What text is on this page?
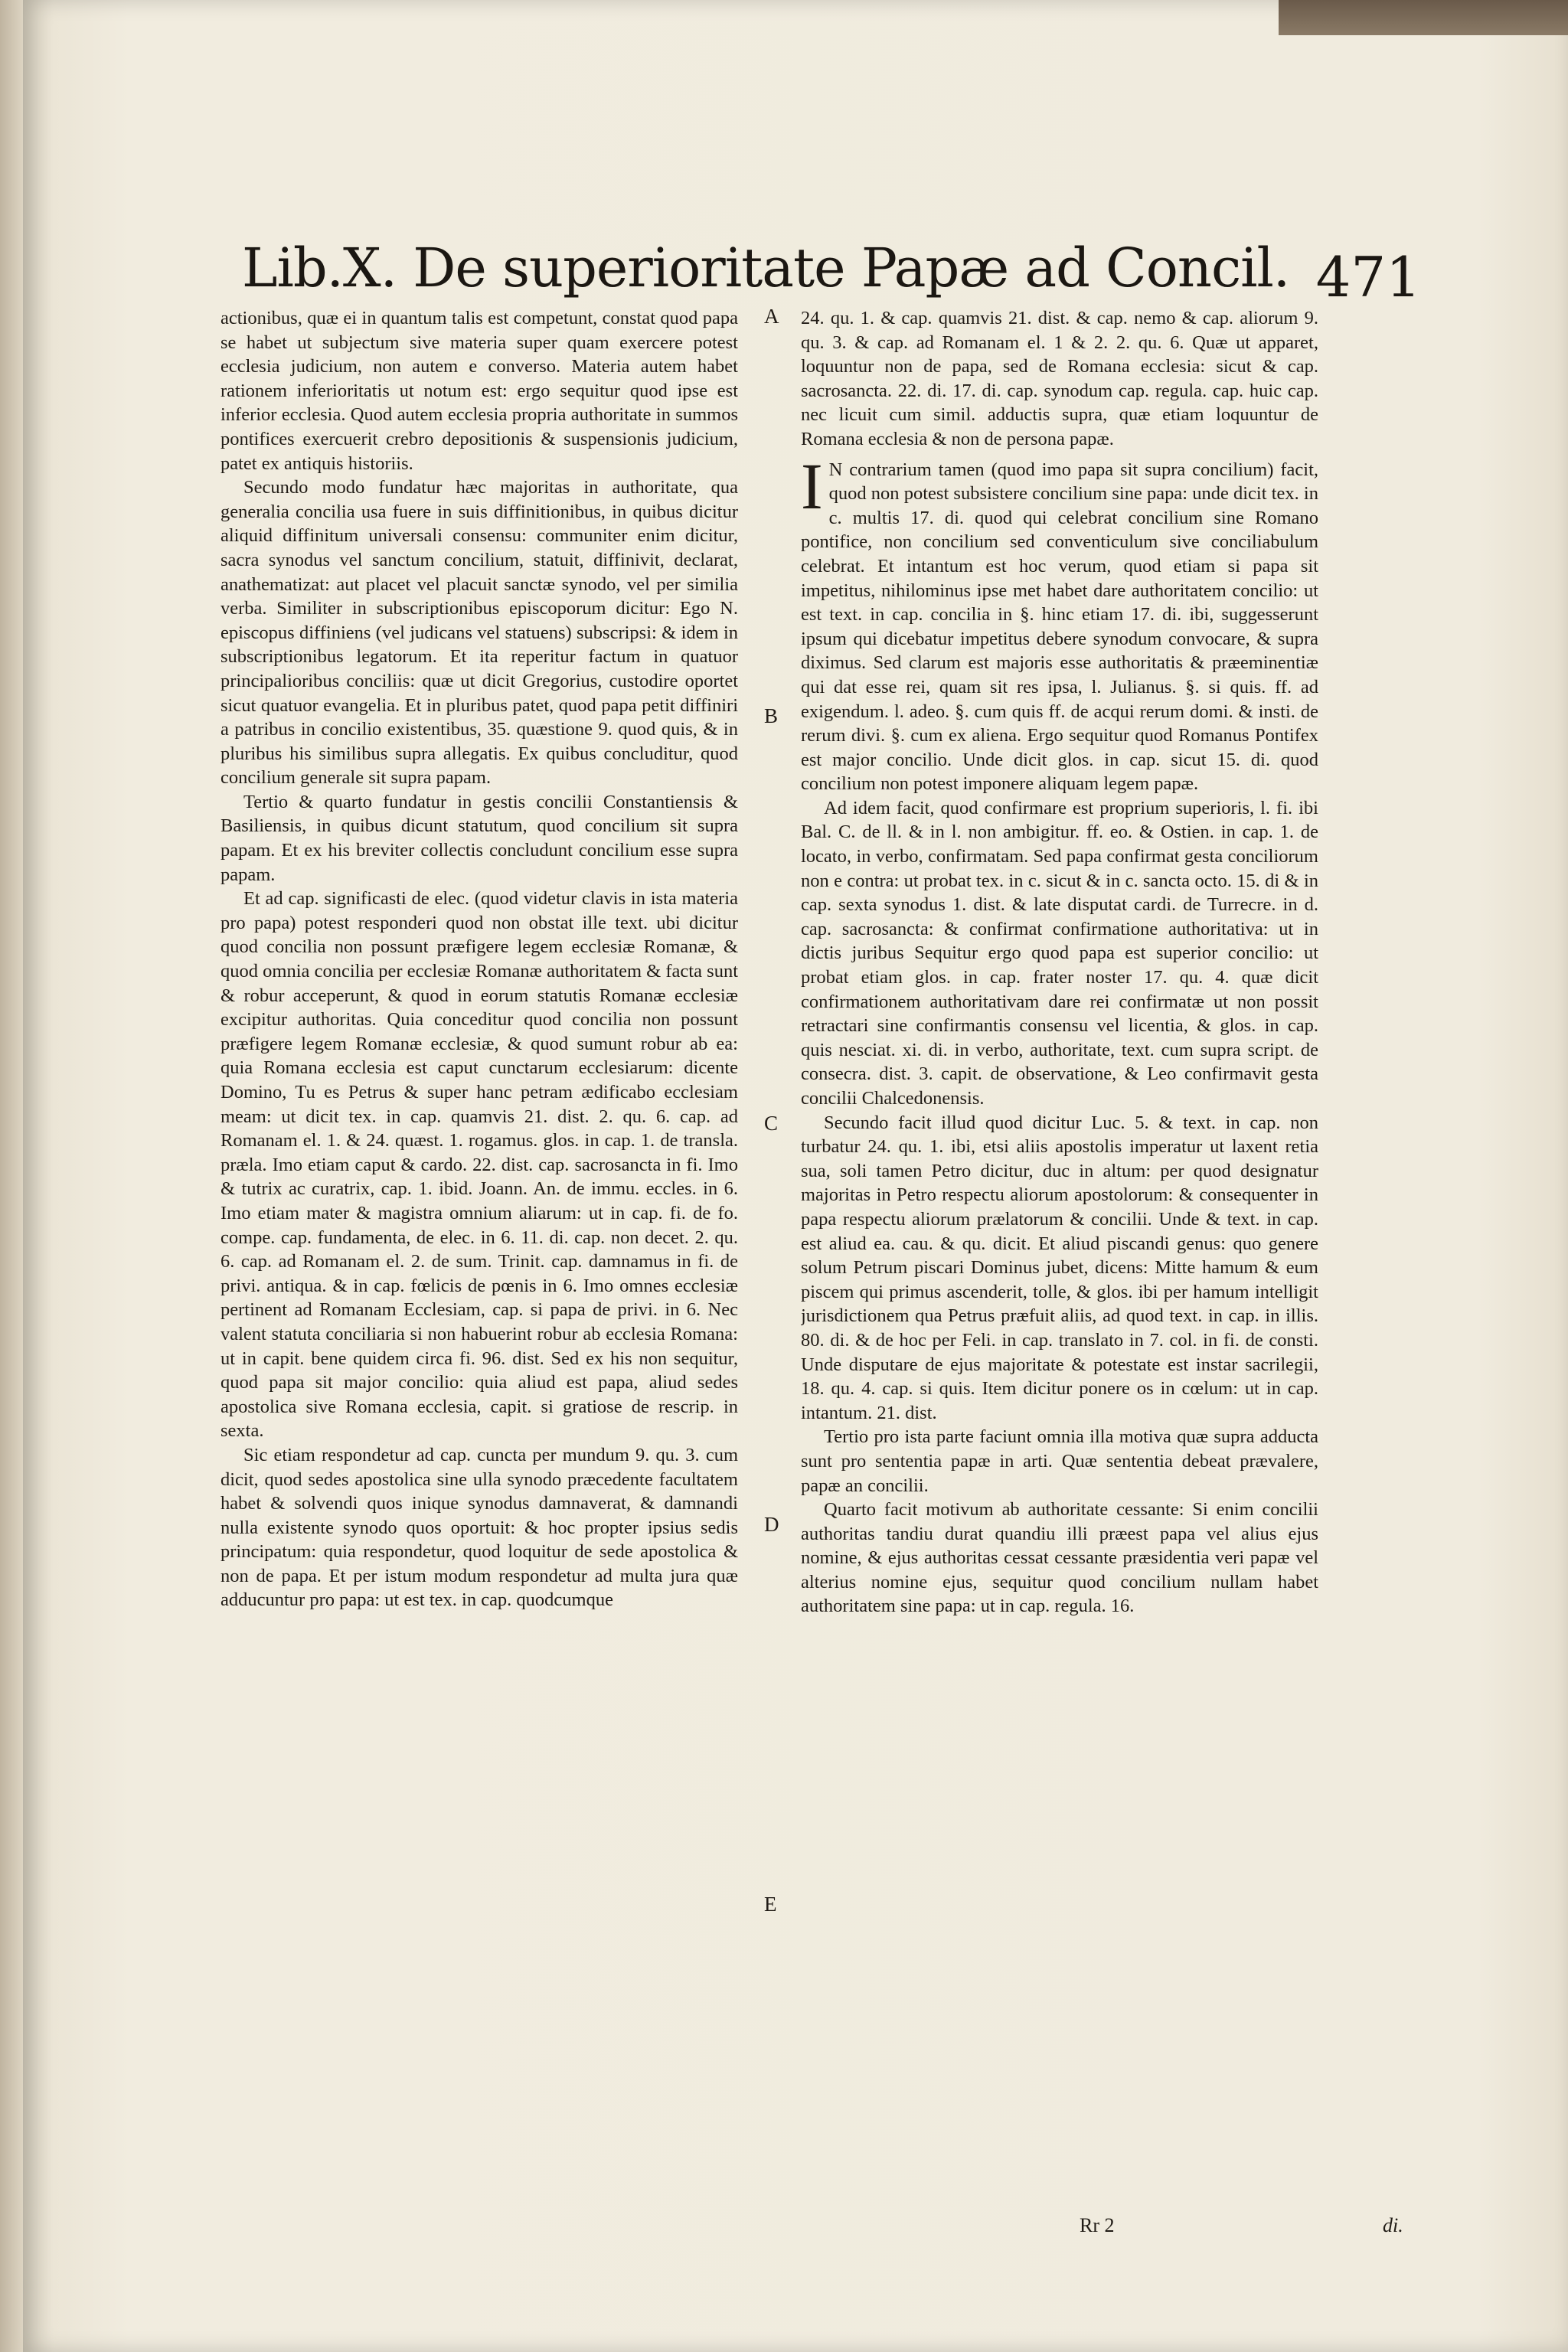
Lib.X. De superioritate Papæ ad Concil. 471

actionibus, quæ ei in quantum talis est competunt, constat quod papa se habet ut subjectum sive materia super quam exercere potest ecclesia judicium, non autem e converso. Materia autem habet rationem inferioritatis ut notum est: ergo sequitur quod ipse est inferior ecclesia. Quod autem ecclesia propria authoritate in summos pontifices exercuerit crebro depositionis & suspensionis judicium, patet ex antiquis historiis.

Secundo modo fundatur hæc majoritas in authoritate, qua generalia concilia usa fuere in suis diffinitionibus, in quibus dicitur aliquid diffinitum universali consensu: communiter enim dicitur, sacra synodus vel sanctum concilium, statuit, diffinivit, declarat, anathematizat: aut placet vel placuit sanctæ synodo, vel per similia verba. Similiter in subscriptionibus episcoporum dicitur: Ego N. episcopus diffiniens (vel judicans vel statuens) subscripsi: & idem in subscriptionibus legatorum. Et ita reperitur factum in quatuor principalioribus conciliis: quæ ut dicit Gregorius, custodire oportet sicut quatuor evangelia. Et in pluribus patet, quod papa petit diffiniri a patribus in concilio existentibus, 35. quæstione 9. quod quis, & in pluribus his similibus supra allegatis. Ex quibus concluditur, quod concilium generale sit supra papam.

Tertio & quarto fundatur in gestis concilii Constantiensis & Basiliensis, in quibus dicunt statutum, quod concilium sit supra papam. Et ex his breviter collectis concludunt concilium esse supra papam.

Et ad cap. significasti de elec. (quod videtur clavis in ista materia pro papa) potest responderi quod non obstat ille text. ubi dicitur quod concilia non possunt præfigere legem ecclesiæ Romanæ, & quod omnia concilia per ecclesiæ Romanæ authoritatem & facta sunt & robur acceperunt, & quod in eorum statutis Romanæ ecclesiæ excipitur authoritas. Quia conceditur quod concilia non possunt præfigere legem Romanæ ecclesiæ, & quod sumunt robur ab ea: quia Romana ecclesia est caput cunctarum ecclesiarum: dicente Domino, Tu es Petrus & super hanc petram ædificabo ecclesiam meam: ut dicit tex. in cap. quamvis 21. dist. 2. qu. 6. cap. ad Romanam el. 1. & 24. quæst. 1. rogamus. glos. in cap. 1. de transla. præla. Imo etiam caput & cardo. 22. dist. cap. sacrosancta in fi. Imo & tutrix ac curatrix, cap. 1. ibid. Joann. An. de immu. eccles. in 6. Imo etiam mater & magistra omnium aliarum: ut in cap. fi. de fo. compe. cap. fundamenta, de elec. in 6. 11. di. cap. non decet. 2. qu. 6. cap. ad Romanam el. 2. de sum. Trinit. cap. damnamus in fi. de privi. antiqua. & in cap. fœlicis de pœnis in 6. Imo omnes ecclesiæ pertinent ad Romanam Ecclesiam, cap. si papa de privi. in 6. Nec valent statuta conciliaria si non habuerint robur ab ecclesia Romana: ut in capit. bene quidem circa fi. 96. dist. Sed ex his non sequitur, quod papa sit major concilio: quia aliud est papa, aliud sedes apostolica sive Romana ecclesia, capit. si gratiose de rescrip. in sexta.

Sic etiam respondetur ad cap. cuncta per mundum 9. qu. 3. cum dicit, quod sedes apostolica sine ulla synodo præcedente facultatem habet & solvendi quos inique synodus damnaverat, & damnandi nulla existente synodo quos oportuit: & hoc propter ipsius sedis principatum: quia respondetur, quod loquitur de sede apostolica & non de papa. Et per istum modum respondetur ad multa jura quæ adducuntur pro papa: ut est tex. in cap. quodcumque

24. qu. 1. & cap. quamvis 21. dist. & cap. nemo & cap. aliorum 9. qu. 3. & cap. ad Romanam el. 1 & 2. 2. qu. 6. Quæ ut apparet, loquuntur non de papa, sed de Romana ecclesia: sicut & cap. sacrosancta. 22. di. 17. di. cap. synodum cap. regula. cap. huic cap. nec licuit cum simil. adductis supra, quæ etiam loquuntur de Romana ecclesia & non de persona papæ.

I N contrarium tamen (quod imo papa sit supra concilium) facit, quod non potest subsistere concilium sine papa: unde dicit tex. in c. multis 17. di. quod qui celebrat concilium sine Romano pontifice, non concilium sed conventiculum sive conciliabulum celebrat. Et intantum est hoc verum, quod etiam si papa sit impetitus, nihilominus ipse met habet dare authoritatem concilio: ut est text. in cap. concilia in §. hinc etiam 17. di. ibi, suggesserunt ipsum qui dicebatur impetitus debere synodum convocare, & supra diximus. Sed clarum est majoris esse authoritatis & præeminentiæ qui dat esse rei, quam sit res ipsa, l. Julianus. §. si quis. ff. ad exigendum. l. adeo. §. cum quis ff. de acqui rerum domi. & insti. de rerum divi. §. cum ex aliena. Ergo sequitur quod Romanus Pontifex est major concilio. Unde dicit glos. in cap. sicut 15. di. quod concilium non potest imponere aliquam legem papæ.

Ad idem facit, quod confirmare est proprium superioris, l. fi. ibi Bal. C. de ll. & in l. non ambigitur. ff. eo. & Ostien. in cap. 1. de locato, in verbo, confirmatam. Sed papa confirmat gesta conciliorum non e contra: ut probat tex. in c. sicut & in c. sancta octo. 15. di & in cap. sexta synodus 1. dist. & late disputat cardi. de Turrecre. in d. cap. sacrosancta: & confirmat confirmatione authoritativa: ut in dictis juribus Sequitur ergo quod papa est superior concilio: ut probat etiam glos. in cap. frater noster 17. qu. 4. quæ dicit confirmationem authoritativam dare rei confirmatæ ut non possit retractari sine confirmantis consensu vel licentia, & glos. in cap. quis nesciat. xi. di. in verbo, authoritate, text. cum supra script. de consecra. dist. 3. capit. de observatione, & Leo confirmavit gesta concilii Chalcedonensis.

Secundo facit illud quod dicitur Luc. 5. & text. in cap. non turbatur 24. qu. 1. ibi, etsi aliis apostolis imperatur ut laxent retia sua, soli tamen Petro dicitur, duc in altum: per quod designatur majoritas in Petro respectu aliorum apostolorum: & consequenter in papa respectu aliorum prælatorum & concilii. Unde & text. in cap. est aliud ea. cau. & qu. dicit. Et aliud piscandi genus: quo genere solum Petrum piscari Dominus jubet, dicens: Mitte hamum & eum piscem qui primus ascenderit, tolle, & glos. ibi per hamum intelligit jurisdictionem qua Petrus præfuit aliis, ad quod text. in cap. in illis. 80. di. & de hoc per Feli. in cap. translato in 7. col. in fi. de consti. Unde disputare de ejus majoritate & potestate est instar sacrilegii, 18. qu. 4. cap. si quis. Item dicitur ponere os in cœlum: ut in cap. intantum. 21. dist.

Tertio pro ista parte faciunt omnia illa motiva quæ supra adducta sunt pro sententia papæ in arti. Quæ sententia debeat prævalere, papæ an concilii.

Quarto facit motivum ab authoritate cessante: Si enim concilii authoritas tandiu durat quandiu illi præest papa vel alius ejus nomine, & ejus authoritas cessat cessante præsidentia veri papæ vel alterius nomine ejus, sequitur quod concilium nullam habet authoritatem sine papa: ut in cap. regula. 16.

A
B
C
D
E
Rr 2	di.
